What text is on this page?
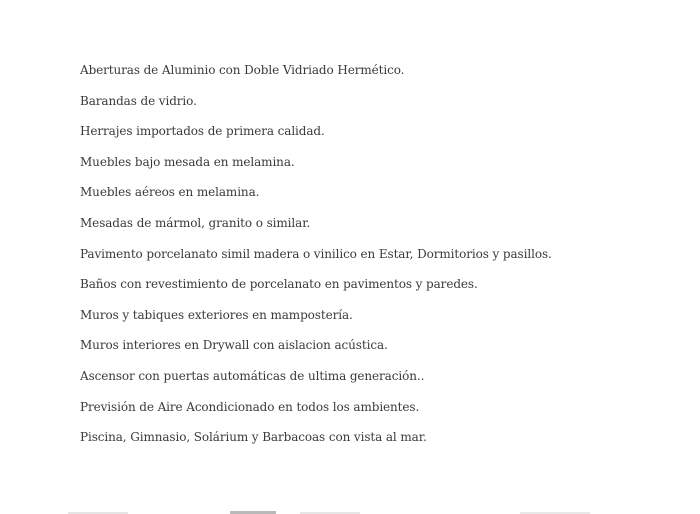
Aberturas de Aluminio con Doble Vidriado Hermético.
Barandas de vidrio.
Herrajes importados de primera calidad.
Muebles bajo mesada en melamina.
Muebles aéreos en melamina.
Mesadas de mármol, granito o similar.
Pavimento porcelanato simil madera o vinilico en Estar, Dormitorios y pasillos.
Baños con revestimiento de porcelanato en pavimentos y paredes.
Muros y tabiques exteriores en mampostería.
Muros interiores en Drywall con aislacion acústica.
Ascensor con puertas automáticas de ultima generación..
Previsión de Aire Acondicionado en todos los ambientes.
Piscina, Gimnasio, Solárium y Barbacoas con vista al mar.
